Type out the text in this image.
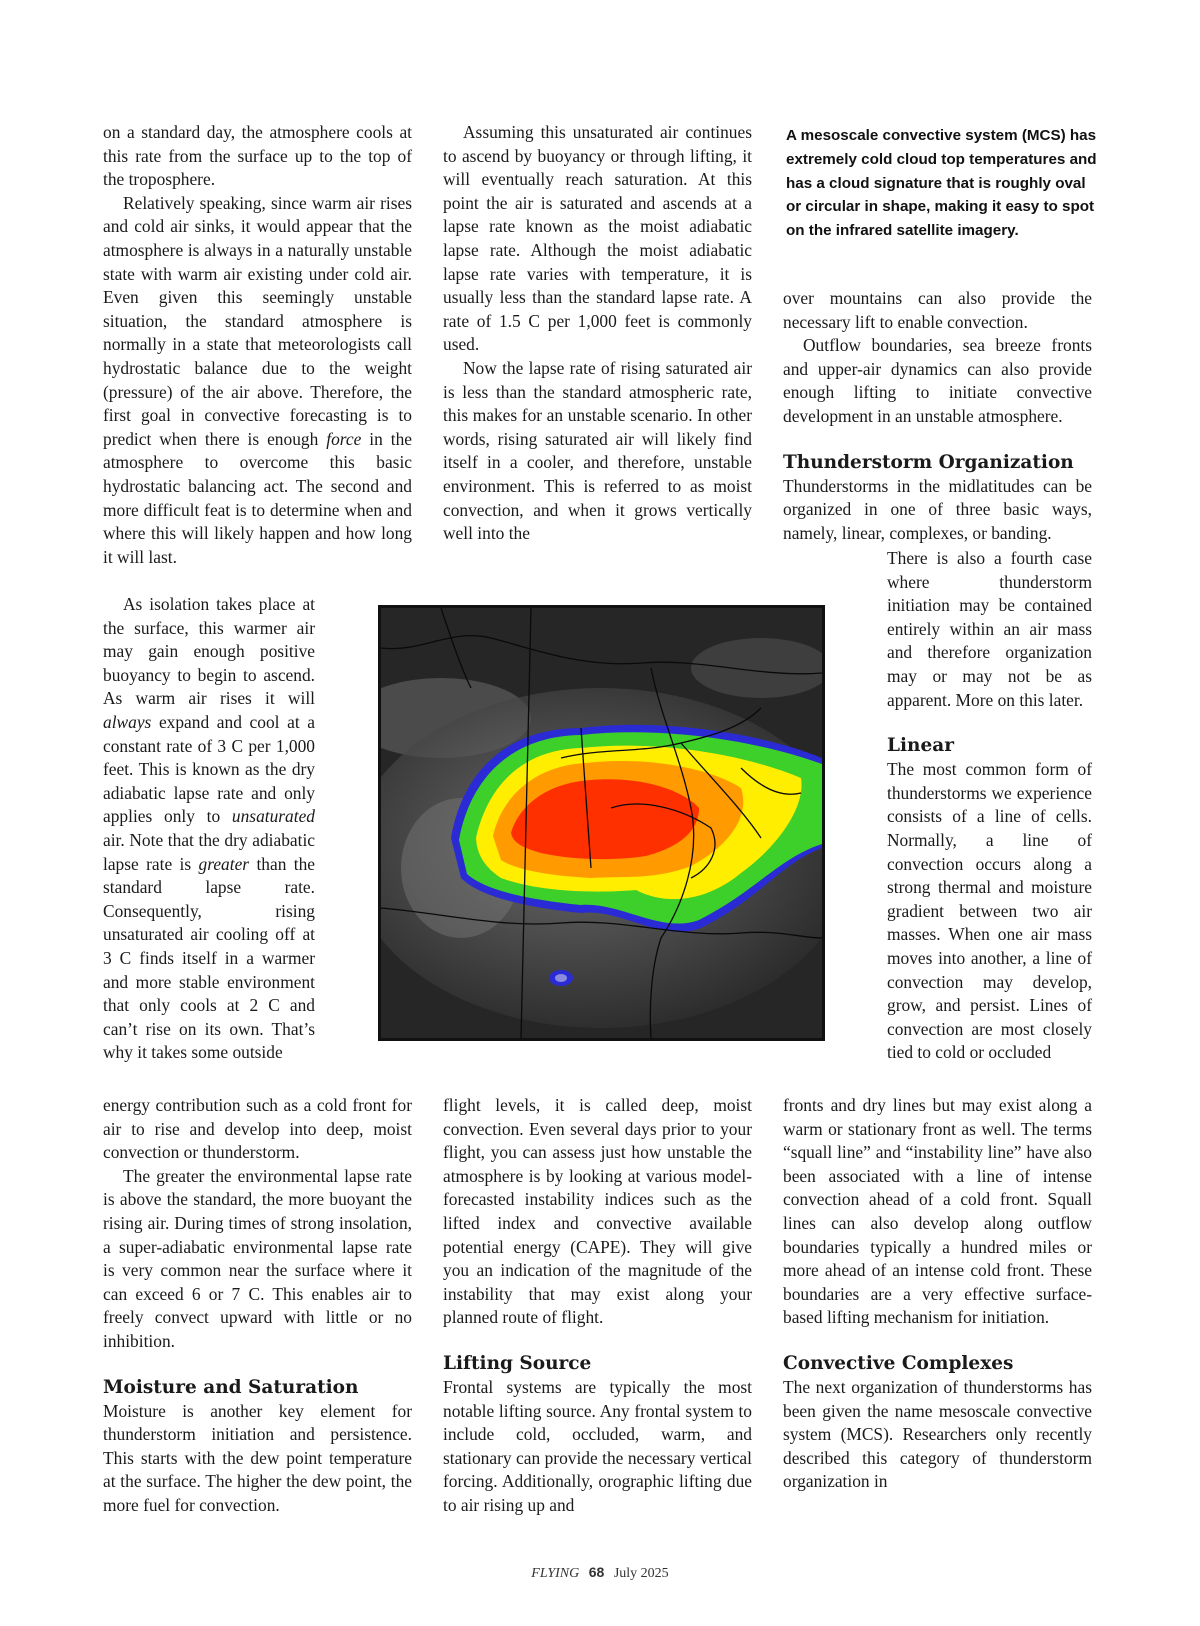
on a standard day, the atmosphere cools at this rate from the surface up to the top of the troposphere.

Relatively speaking, since warm air rises and cold air sinks, it would appear that the atmosphere is always in a naturally unstable state with warm air existing under cold air. Even given this seemingly unstable situation, the standard atmosphere is normally in a state that meteorologists call hydrostatic balance due to the weight (pressure) of the air above. Therefore, the first goal in convective forecasting is to predict when there is enough force in the atmosphere to overcome this basic hydrostatic balancing act. The second and more difficult feat is to determine when and where this will likely happen and how long it will last.

As isolation takes place at the surface, this warmer air may gain enough positive buoyancy to begin to ascend. As warm air rises it will always expand and cool at a constant rate of 3 C per 1,000 feet. This is known as the dry adiabatic lapse rate and only applies only to unsaturated air. Note that the dry adiabatic lapse rate is greater than the standard lapse rate. Consequently, rising unsaturated air cooling off at 3 C finds itself in a warmer and more stable environment that only cools at 2 C and can’t rise on its own. That’s why it takes some outside

energy contribution such as a cold front for air to rise and develop into deep, moist convection or thunderstorm.

The greater the environmental lapse rate is above the standard, the more buoyant the rising air. During times of strong insolation, a super-adiabatic environmental lapse rate is very common near the surface where it can exceed 6 or 7 C. This enables air to freely convect upward with little or no inhibition.

Moisture and Saturation

Moisture is another key element for thunderstorm initiation and persistence. This starts with the dew point temperature at the surface. The higher the dew point, the more fuel for convection.

Assuming this unsaturated air continues to ascend by buoyancy or through lifting, it will eventually reach saturation. At this point the air is saturated and ascends at a lapse rate known as the moist adiabatic lapse rate. Although the moist adiabatic lapse rate varies with temperature, it is usually less than the standard lapse rate. A rate of 1.5 C per 1,000 feet is commonly used.

Now the lapse rate of rising saturated air is less than the standard atmospheric rate, this makes for an unstable scenario. In other words, rising saturated air will likely find itself in a cooler, and therefore, unstable environment. This is referred to as moist convection, and when it grows vertically well into the

flight levels, it is called deep, moist convection. Even several days prior to your flight, you can assess just how unstable the atmosphere is by looking at various model-forecasted instability indices such as the lifted index and convective available potential energy (CAPE). They will give you an indication of the magnitude of the instability that may exist along your planned route of flight.

Lifting Source

Frontal systems are typically the most notable lifting source. Any frontal system to include cold, occluded, warm, and stationary can provide the necessary vertical forcing. Additionally, orographic lifting due to air rising up and

A mesoscale convective system (MCS) has extremely cold cloud top temperatures and has a cloud signature that is roughly oval or circular in shape, making it easy to spot on the infrared satellite imagery.

over mountains can also provide the necessary lift to enable convection.

Outflow boundaries, sea breeze fronts and upper-air dynamics can also provide enough lifting to initiate convective development in an unstable atmosphere.

Thunderstorm Organization

Thunderstorms in the midlatitudes can be organized in one of three basic ways, namely, linear, complexes, or banding.

There is also a fourth case where thunderstorm initiation may be contained entirely within an air mass and therefore organization may or may not be as apparent. More on this later.

Linear

The most common form of thunderstorms we experience consists of a line of cells. Normally, a line of convection occurs along a strong thermal and moisture gradient between two air masses. When one air mass moves into another, a line of convection may develop, grow, and persist. Lines of convection are most closely tied to cold or occluded

fronts and dry lines but may exist along a warm or stationary front as well. The terms “squall line” and “instability line” have also been associated with a line of intense convection ahead of a cold front. Squall lines can also develop along outflow boundaries typically a hundred miles or more ahead of an intense cold front. These boundaries are a very effective surface-based lifting mechanism for initiation.

Convective Complexes

The next organization of thunderstorms has been given the name mesoscale convective system (MCS). Researchers only recently described this category of thunderstorm organization in

FLYING 68 July 2025
